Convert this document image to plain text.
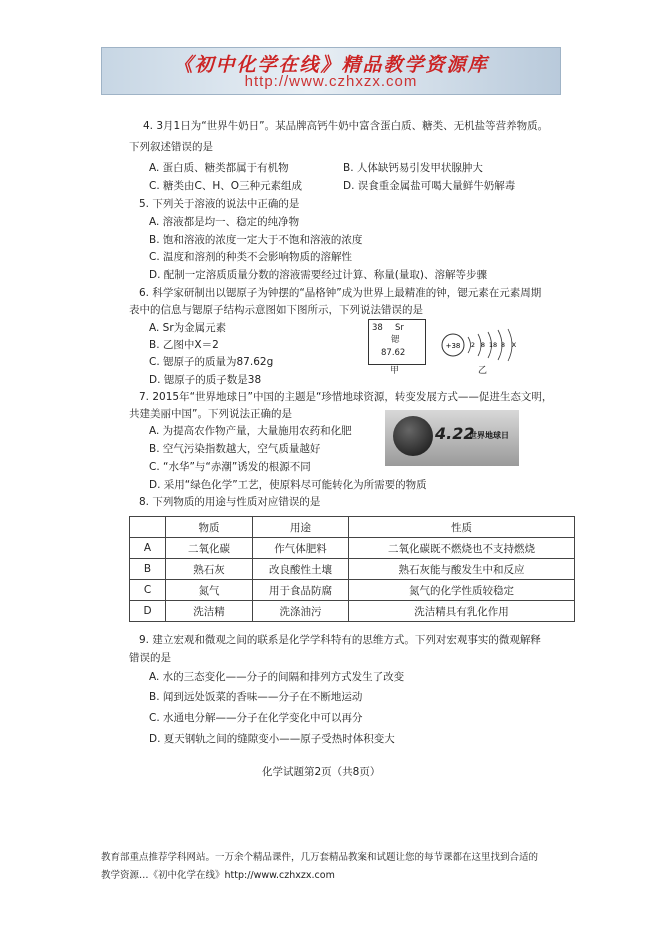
《初中化学在线》精品教学资源库
http://www.czhxzx.com
4. 3月1日为“世界牛奶日”。某品牌高钙牛奶中富含蛋白质、糖类、无机盐等营养物质。
下列叙述错误的是
A. 蛋白质、糖类都属于有机物	B. 人体缺钙易引发甲状腺肿大
C. 糖类由C、H、O三种元素组成	D. 误食重金属盐可喝大量鲜牛奶解毒
5. 下列关于溶液的说法中正确的是
A. 溶液都是均一、稳定的纯净物
B. 饱和溶液的浓度一定大于不饱和溶液的浓度
C. 温度和溶剂的种类不会影响物质的溶解性
D. 配制一定溶质质量分数的溶液需要经过计算、称量(量取)、溶解等步骤
6. 科学家研制出以锶原子为钟摆的“晶格钟”成为世界上最精准的钟，锶元素在元素周期
表中的信息与锶原子结构示意图如下图所示，下列说法错误的是
A. Sr为金属元素
B. 乙图中X＝2
C. 锶原子的质量为87.62g
D. 锶原子的质子数是38
38 Sr
锶
87.62
甲
+38 2 8 18 8 X
乙
7. 2015年“世界地球日”中国的主题是“珍惜地球资源，转变发展方式——促进生态文明，
共建美丽中国”。下列说法正确的是
A. 为提高农作物产量，大量施用农药和化肥
B. 空气污染指数越大，空气质量越好
C. “水华”与“赤潮”诱发的根源不同
D. 采用“绿色化学”工艺，使原料尽可能转化为所需要的物质
4.22
世界地球日
8. 下列物质的用途与性质对应错误的是
	物质	用途	性质
A	二氧化碳	作气体肥料	二氧化碳既不燃烧也不支持燃烧
B	熟石灰	改良酸性土壤	熟石灰能与酸发生中和反应
C	氮气	用于食品防腐	氮气的化学性质较稳定
D	洗洁精	洗涤油污	洗洁精具有乳化作用
9. 建立宏观和微观之间的联系是化学学科特有的思维方式。下列对宏观事实的微观解释
错误的是
A. 水的三态变化——分子的间隔和排列方式发生了改变
B. 闻到远处饭菜的香味——分子在不断地运动
C. 水通电分解——分子在化学变化中可以再分
D. 夏天钢轨之间的缝隙变小——原子受热时体积变大
化学试题第2页（共8页）
教育部重点推荐学科网站。一万余个精品课件，几万套精品教案和试题让您的每节课都在这里找到合适的
教学资源…《初中化学在线》http://www.czhxzx.com
